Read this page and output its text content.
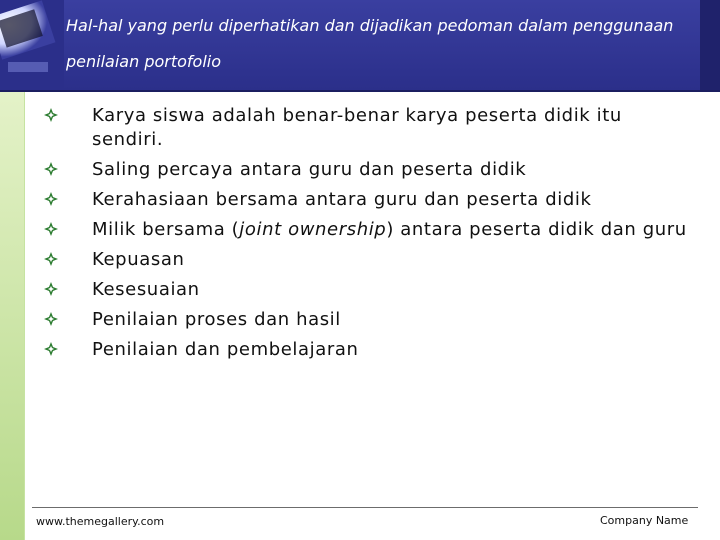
Hal-hal yang perlu diperhatikan dan dijadikan pedoman dalam penggunaan penilaian portofolio
Karya siswa adalah benar-benar karya peserta didik itu sendiri.
Saling percaya antara guru dan peserta didik
Kerahasiaan bersama antara guru dan peserta didik
Milik bersama (joint ownership) antara peserta didik dan guru
Kepuasan
Kesesuaian
Penilaian proses dan hasil
Penilaian dan pembelajaran
www.themegallery.com	Company Name
